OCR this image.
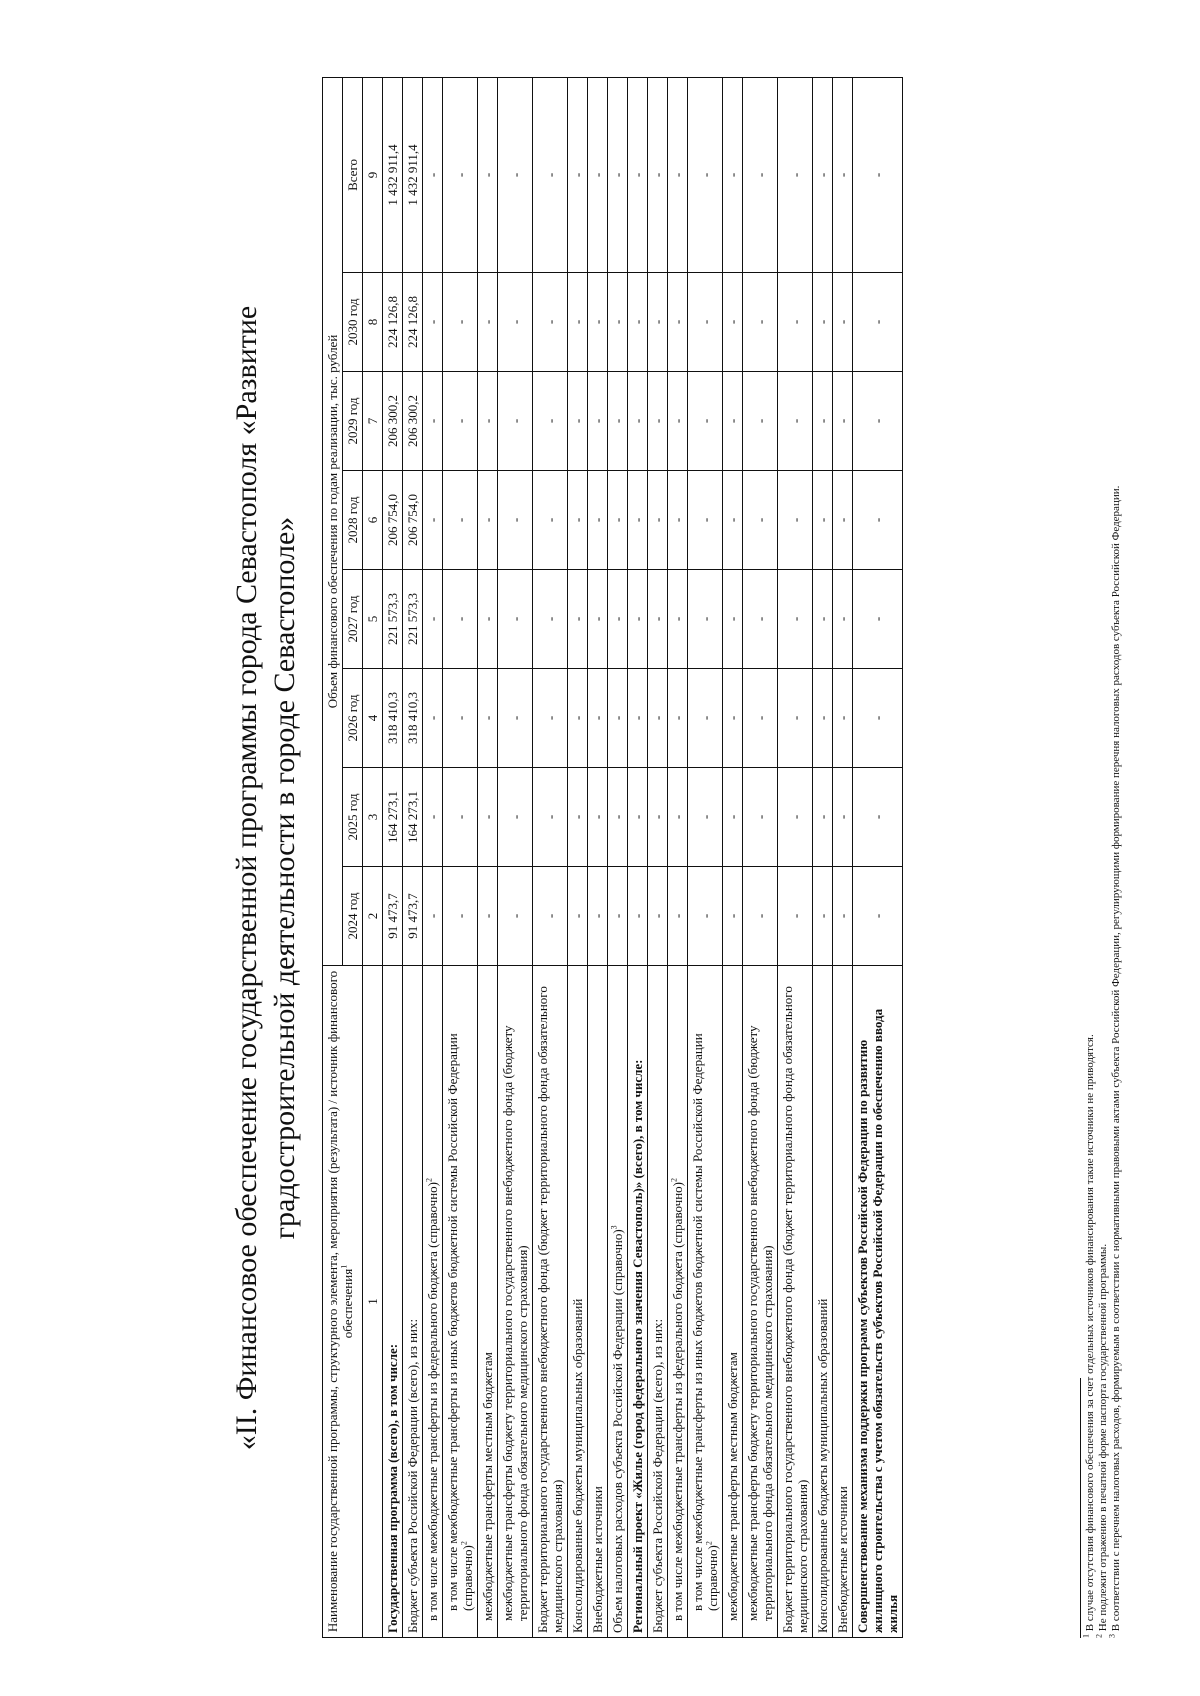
«II. Финансовое обеспечение государственной программы города Севастополя «Развитие градостроительной деятельности в городе Севастополе»
Наименование государственной программы, структурного элемента, мероприятия (результата) / источник финансового обеспечения$^1$	Объем финансового обеспечения по годам реализации, тыс. рублей							
	2024 год	2025 год	2026 год	2027 год	2028 год	2029 год	2030 год	Всего
1	2	3	4	5	6	7	8	9
Государственная программа (всего), в том числе:	91 473,7	164 273,1	318 410,3	221 573,3	206 754,0	206 300,2	224 126,8	1 432 911,4
Бюджет субъекта Российской Федерации (всего), из них:	91 473,7	164 273,1	318 410,3	221 573,3	206 754,0	206 300,2	224 126,8	1 432 911,4
в том числе межбюджетные трансферты из федерального бюджета (справочно)$^2$	-	-	-	-	-	-	-	-
в том числе межбюджетные трансферты из иных бюджетов бюджетной системы Российской Федерации (справочно)$^2$	-	-	-	-	-	-	-	-
межбюджетные трансферты местным бюджетам	-	-	-	-	-	-	-	-
межбюджетные трансферты бюджету территориального государственного внебюджетного фонда (бюджету территориального фонда обязательного медицинского страхования)	-	-	-	-	-	-	-	-
Бюджет территориального государственного внебюджетного фонда (бюджет территориального фонда обязательного медицинского страхования)	-	-	-	-	-	-	-	-
Консолидированные бюджеты муниципальных образований	-	-	-	-	-	-	-	-
Внебюджетные источники	-	-	-	-	-	-	-	-
Объем налоговых расходов субъекта Российской Федерации (справочно)$^3$	-	-	-	-	-	-	-	-
Региональный проект «Жилье (город федерального значения Севастополь)» (всего), в том числе:	-	-	-	-	-	-	-	-
Бюджет субъекта Российской Федерации (всего), из них:	-	-	-	-	-	-	-	-
в том числе межбюджетные трансферты из федерального бюджета (справочно)$^2$	-	-	-	-	-	-	-	-
в том числе межбюджетные трансферты из иных бюджетов бюджетной системы Российской Федерации (справочно)$^2$	-	-	-	-	-	-	-	-
межбюджетные трансферты местным бюджетам	-	-	-	-	-	-	-	-
межбюджетные трансферты бюджету территориального государственного внебюджетного фонда (бюджету территориального фонда обязательного медицинского страхования)	-	-	-	-	-	-	-	-
Бюджет территориального государственного внебюджетного фонда (бюджет территориального фонда обязательного медицинского страхования)	-	-	-	-	-	-	-	-
Консолидированные бюджеты муниципальных образований	-	-	-	-	-	-	-	-
Внебюджетные источники	-	-	-	-	-	-	-	-
Совершенствование механизма поддержки программ субъектов Российской Федерации по развитию жилищного строительства с учетом обязательств субъектов Российской Федерации по обеспечению ввода жилья	-	-	-	-	-	-	-	-

$^1$ В случае отсутствия финансового обеспечения за счет отдельных источников финансирования такие источники не приводятся.

$^2$ Не подлежит отражению в печатной форме паспорта государственной программы.

$^3$ В соответствии с перечнем налоговых расходов, формируемым в соответствии с нормативными правовыми актами субъекта Российской Федерации, регулирующими формирование перечня налоговых расходов субъекта Российской Федерации.
